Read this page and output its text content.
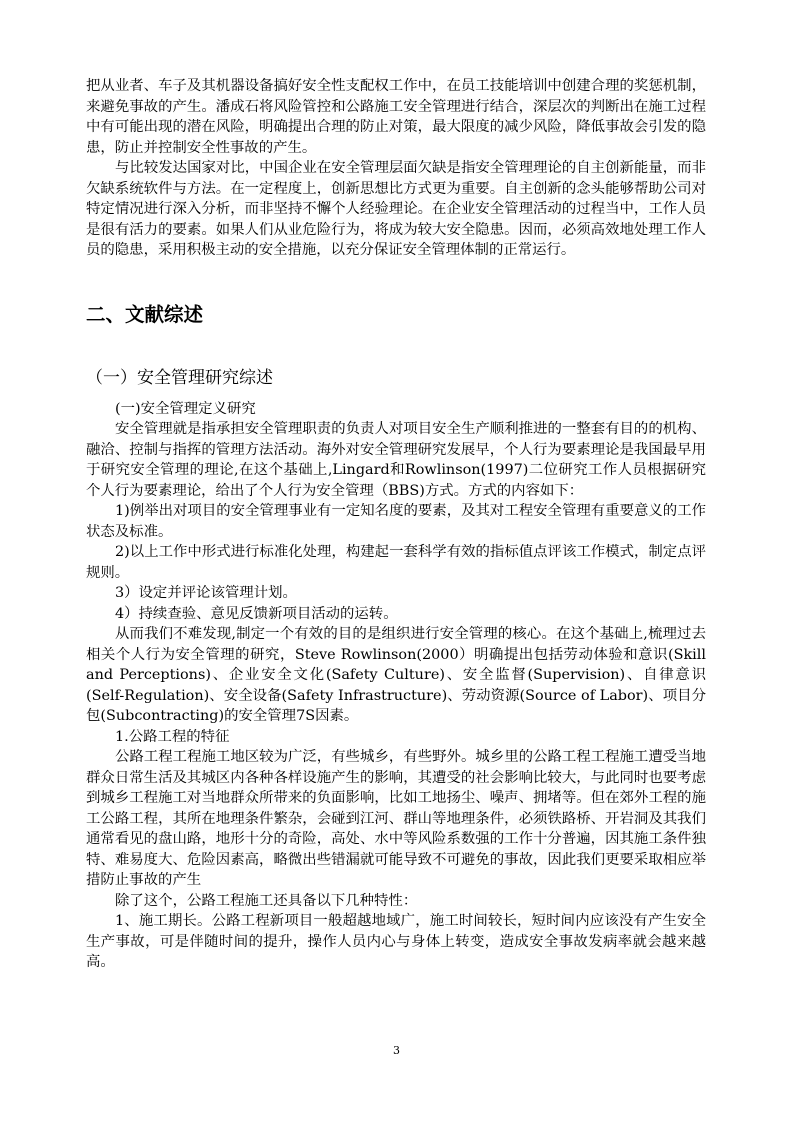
把从业者、车子及其机器设备搞好安全性支配权工作中，在员工技能培训中创建合理的奖惩机制，来避免事故的产生。潘成石将风险管控和公路施工安全管理进行结合，深层次的判断出在施工过程中有可能出现的潜在风险，明确提出合理的防止对策，最大限度的减少风险，降低事故会引发的隐患，防止并控制安全性事故的产生。

与比较发达国家对比，中国企业在安全管理层面欠缺是指安全管理理论的自主创新能量，而非欠缺系统软件与方法。在一定程度上，创新思想比方式更为重要。自主创新的念头能够帮助公司对特定情况进行深入分析，而非坚持不懈个人经验理论。在企业安全管理活动的过程当中，工作人员是很有活力的要素。如果人们从业危险行为，将成为较大安全隐患。因而，必须高效地处理工作人员的隐患，采用积极主动的安全措施，以充分保证安全管理体制的正常运行。

二、文献综述
（一）安全管理研究综述

(一)安全管理定义研究

安全管理就是指承担安全管理职责的负责人对项目安全生产顺利推进的一整套有目的的机构、融洽、控制与指挥的管理方法活动。海外对安全管理研究发展早，个人行为要素理论是我国最早用于研究安全管理的理论,在这个基础上,Lingard和Rowlinson(1997)二位研究工作人员根据研究个人行为要素理论，给出了个人行为安全管理（BBS)方式。方式的内容如下：

1)例举出对项目的安全管理事业有一定知名度的要素，及其对工程安全管理有重要意义的工作状态及标准。

2)以上工作中形式进行标准化处理，构建起一套科学有效的指标值点评该工作模式，制定点评规则。

3）设定并评论该管理计划。

4）持续查验、意见反馈新项目活动的运转。

从而我们不难发现,制定一个有效的目的是组织进行安全管理的核心。在这个基础上,梳理过去相关个人行为安全管理的研究，Steve Rowlinson(2000）明确提出包括劳动体验和意识(Skill and Perceptions)、企业安全文化(Safety Culture)、安全监督(Supervision)、自律意识(Self-Regulation)、安全设备(Safety Infrastructure)、劳动资源(Source of Labor)、项目分包(Subcontracting)的安全管理7S因素。

1.公路工程的特征

公路工程工程施工地区较为广泛，有些城乡，有些野外。城乡里的公路工程工程施工遭受当地群众日常生活及其城区内各种各样设施产生的影响，其遭受的社会影响比较大，与此同时也要考虑到城乡工程施工对当地群众所带来的负面影响，比如工地扬尘、噪声、拥堵等。但在郊外工程的施工公路工程，其所在地理条件繁杂，会碰到江河、群山等地理条件，必须铁路桥、开岩洞及其我们通常看见的盘山路，地形十分的奇险，高处、水中等风险系数强的工作十分普遍，因其施工条件独特、难易度大、危险因素高，略微出些错漏就可能导致不可避免的事故，因此我们更要采取相应举措防止事故的产生

除了这个，公路工程施工还具备以下几种特性：

1、施工期长。公路工程新项目一般超越地域广，施工时间较长，短时间内应该没有产生安全生产事故，可是伴随时间的提升，操作人员内心与身体上转变，造成安全事故发病率就会越来越高。

3
